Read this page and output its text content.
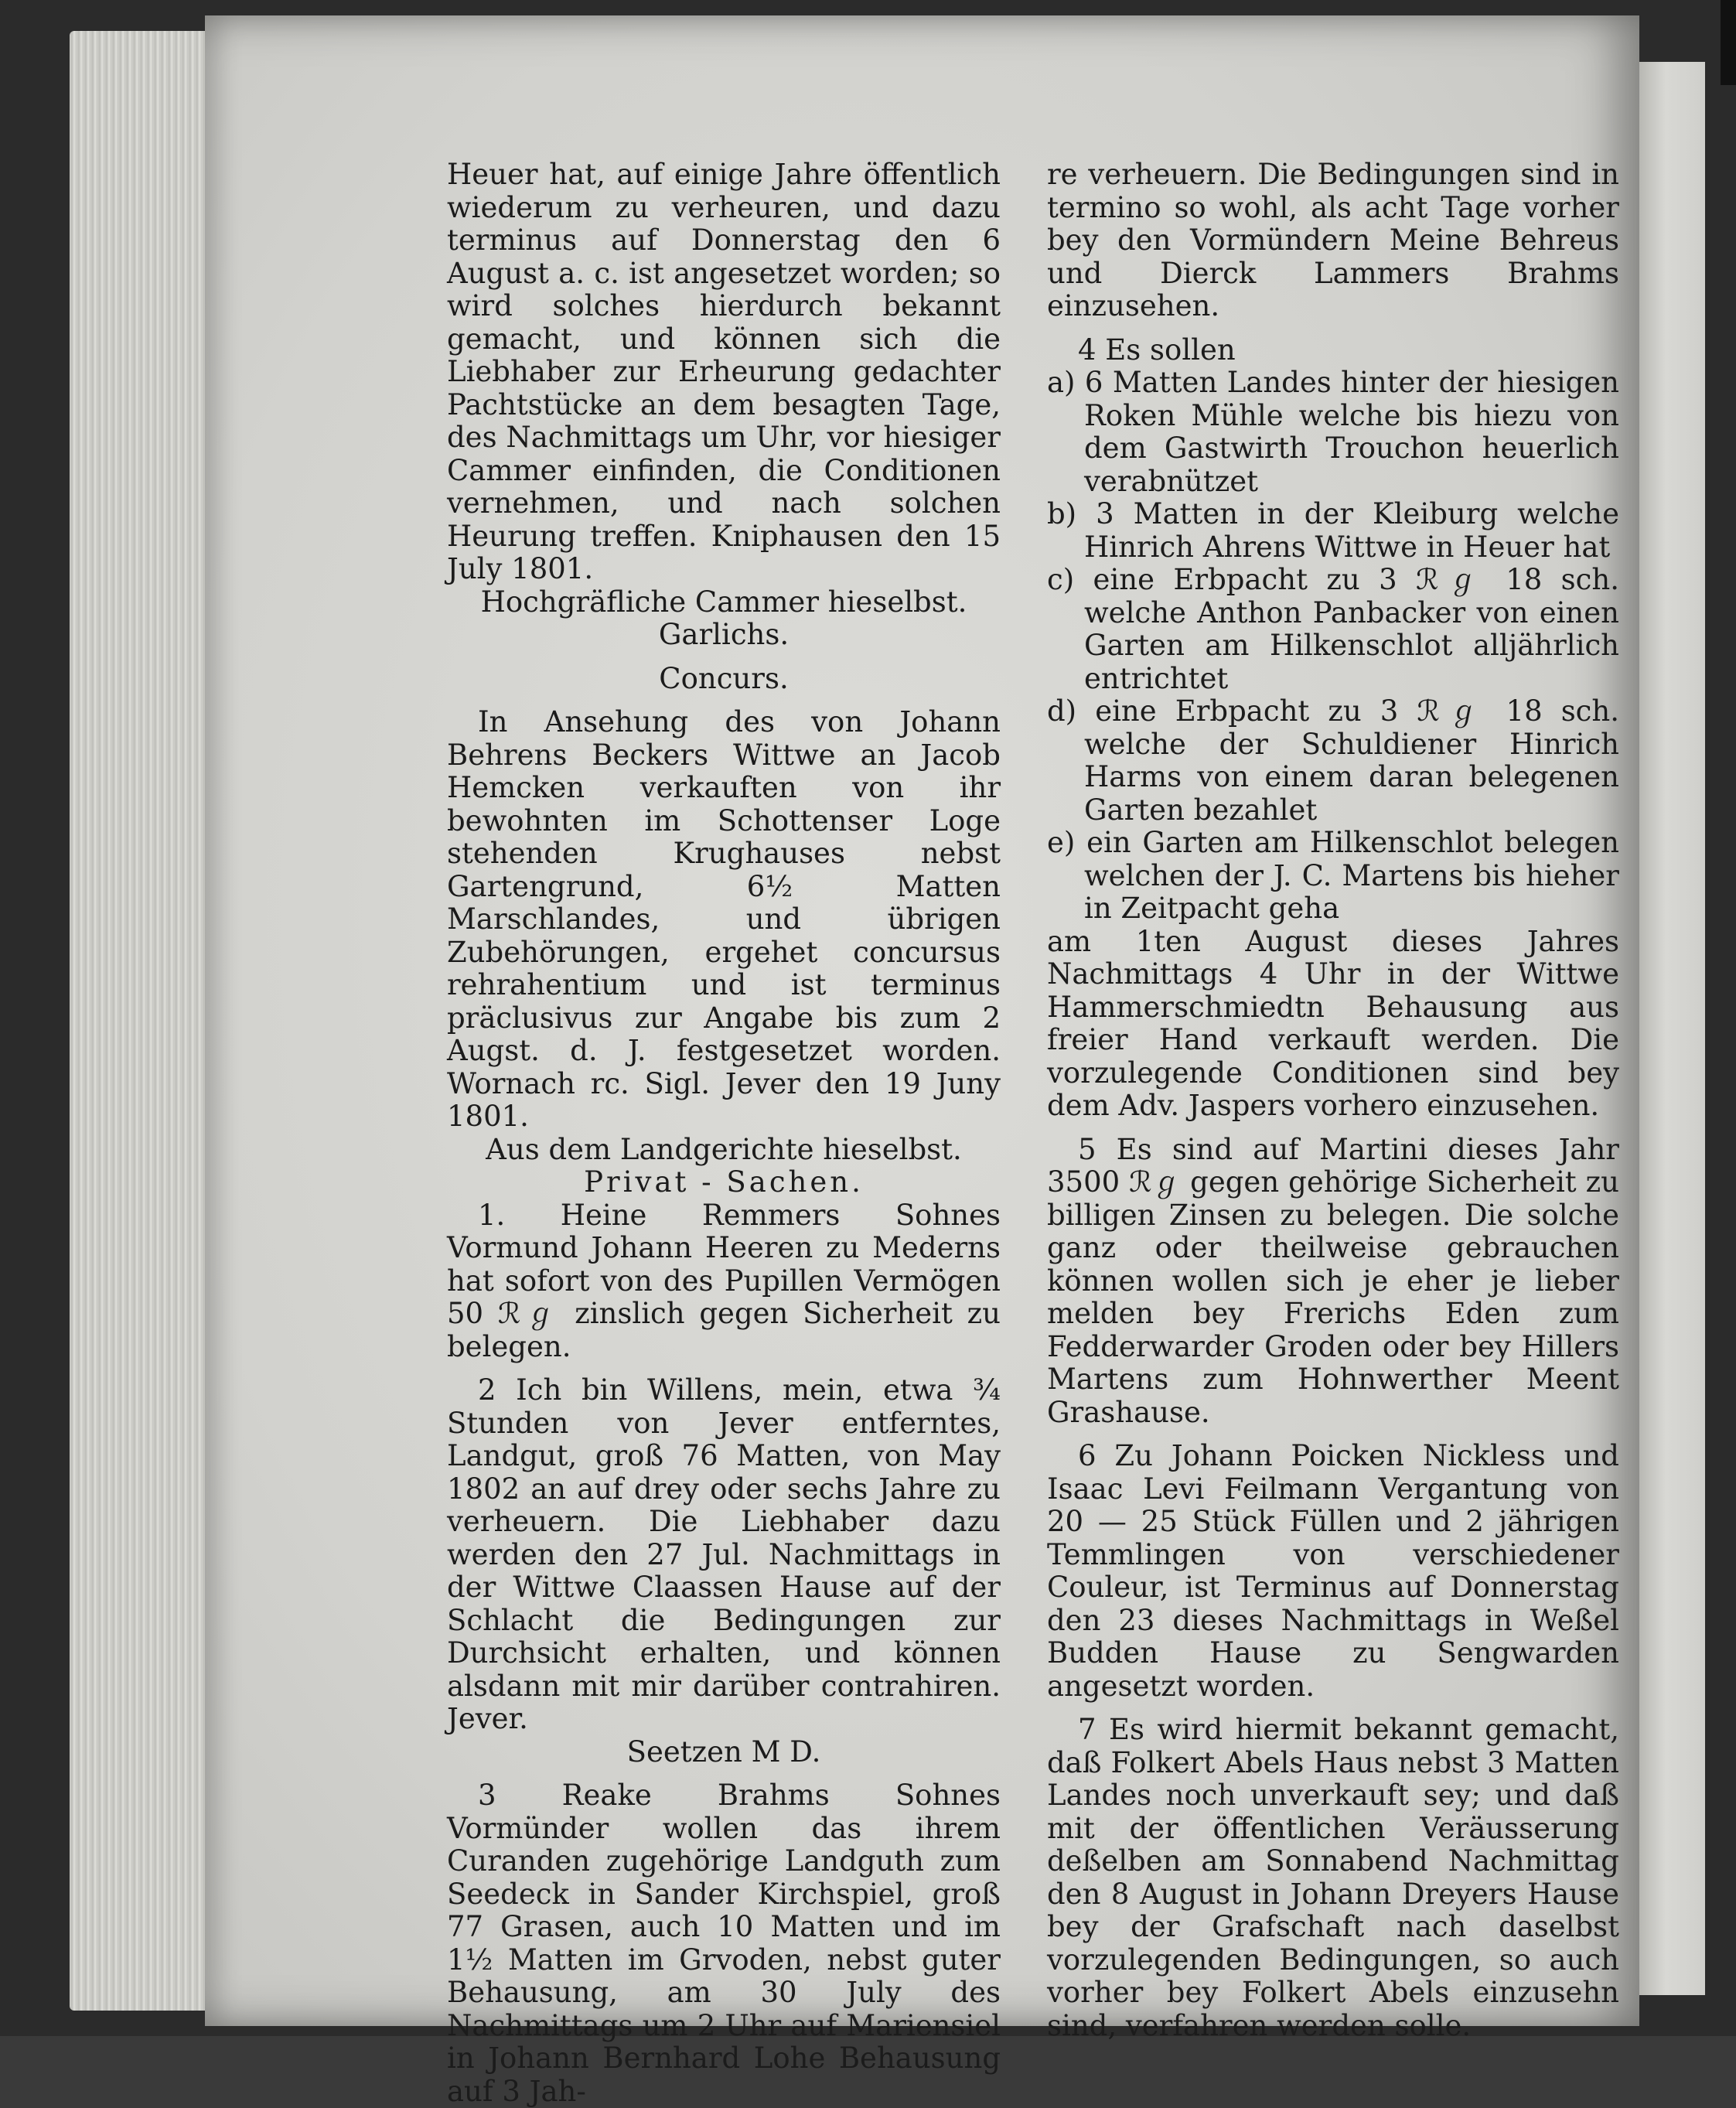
Heuer hat, auf einige Jahre öffentlich wiederum zu verheuren, und dazu terminus auf Donnerstag den 6 August a. c. ist angesetzet worden; so wird solches hierdurch bekannt gemacht, und können sich die Liebhaber zur Erheurung gedachter Pachtstücke an dem besagten Tage, des Nachmittags um Uhr, vor hiesiger Cammer einfinden, die Conditionen vernehmen, und nach solchen Heurung treffen. Kniphausen den 15 July 1801.

Hochgräfliche Cammer hieselbst.

Garlichs.

Concurs.

In Ansehung des von Johann Behrens Beckers Wittwe an Jacob Hemcken verkauften von ihr bewohnten im Schottenser Loge stehenden Krughauses nebst Gartengrund, 6½ Matten Marschlandes, und übrigen Zubehörungen, ergehet concursus rehrahentium und ist terminus präclusivus zur Angabe bis zum 2 Augst. d. J. festgesetzet worden. Wornach rc. Sigl. Jever den 19 Juny 1801.

Aus dem Landgerichte hieselbst.

Privat - Sachen.

1. Heine Remmers Sohnes Vormund Johann Heeren zu Mederns hat sofort von des Pupillen Vermögen 50 ℛℊ zinslich gegen Sicherheit zu belegen.

2 Ich bin Willens, mein, etwa ¾ Stunden von Jever entferntes, Landgut, groß 76 Matten, von May 1802 an auf drey oder sechs Jahre zu verheuern. Die Liebhaber dazu werden den 27 Jul. Nachmittags in der Wittwe Claassen Hause auf der Schlacht die Bedingungen zur Durchsicht erhalten, und können alsdann mit mir darüber contrahiren. Jever.

Seetzen M D.

3 Reake Brahms Sohnes Vormünder wollen das ihrem Curanden zugehörige Landguth zum Seedeck in Sander Kirchspiel, groß 77 Grasen, auch 10 Matten und im 1½ Matten im Grvoden, nebst guter Behausung, am 30 July des Nachmittags um 2 Uhr auf Mariensiel in Johann Bernhard Lohe Behausung auf 3 Jah-

re verheuern. Die Bedingungen sind in termino so wohl, als acht Tage vorher bey den Vormündern Meine Behreus und Dierck Lammers Brahms einzusehen.

4 Es sollen

a) 6 Matten Landes hinter der hiesigen Roken Mühle welche bis hiezu von dem Gastwirth Trouchon heuerlich verabnützet

b) 3 Matten in der Kleiburg welche Hinrich Ahrens Wittwe in Heuer hat

c) eine Erbpacht zu 3 ℛℊ 18 sch. welche Anthon Panbacker von einen Garten am Hilkenschlot alljährlich entrichtet

d) eine Erbpacht zu 3 ℛℊ 18 sch. welche der Schuldiener Hinrich Harms von einem daran belegenen Garten bezahlet

e) ein Garten am Hilkenschlot belegen welchen der J. C. Martens bis hieher in Zeitpacht geha

am 1ten August dieses Jahres Nachmittags 4 Uhr in der Wittwe Hammerschmiedtn Behausung aus freier Hand verkauft werden. Die vorzulegende Conditionen sind bey dem Adv. Jaspers vorhero einzusehen.

5 Es sind auf Martini dieses Jahr 3500 ℛℊ gegen gehörige Sicherheit zu billigen Zinsen zu belegen. Die solche ganz oder theilweise gebrauchen können wollen sich je eher je lieber melden bey Frerichs Eden zum Fedderwarder Groden oder bey Hillers Martens zum Hohnwerther Meent Grashause.

6 Zu Johann Poicken Nickless und Isaac Levi Feilmann Vergantung von 20 — 25 Stück Füllen und 2 jährigen Temmlingen von verschiedener Couleur, ist Terminus auf Donnerstag den 23 dieses Nachmittags in Weßel Budden Hause zu Sengwarden angesetzt worden.

7 Es wird hiermit bekannt gemacht, daß Folkert Abels Haus nebst 3 Matten Landes noch unverkauft sey; und daß mit der öffentlichen Veräusserung deßelben am Sonnabend Nachmittag den 8 August in Johann Dreyers Hause bey der Grafschaft nach daselbst vorzulegenden Bedingungen, so auch vorher bey Folkert Abels einzusehn sind, verfahren werden solle.
